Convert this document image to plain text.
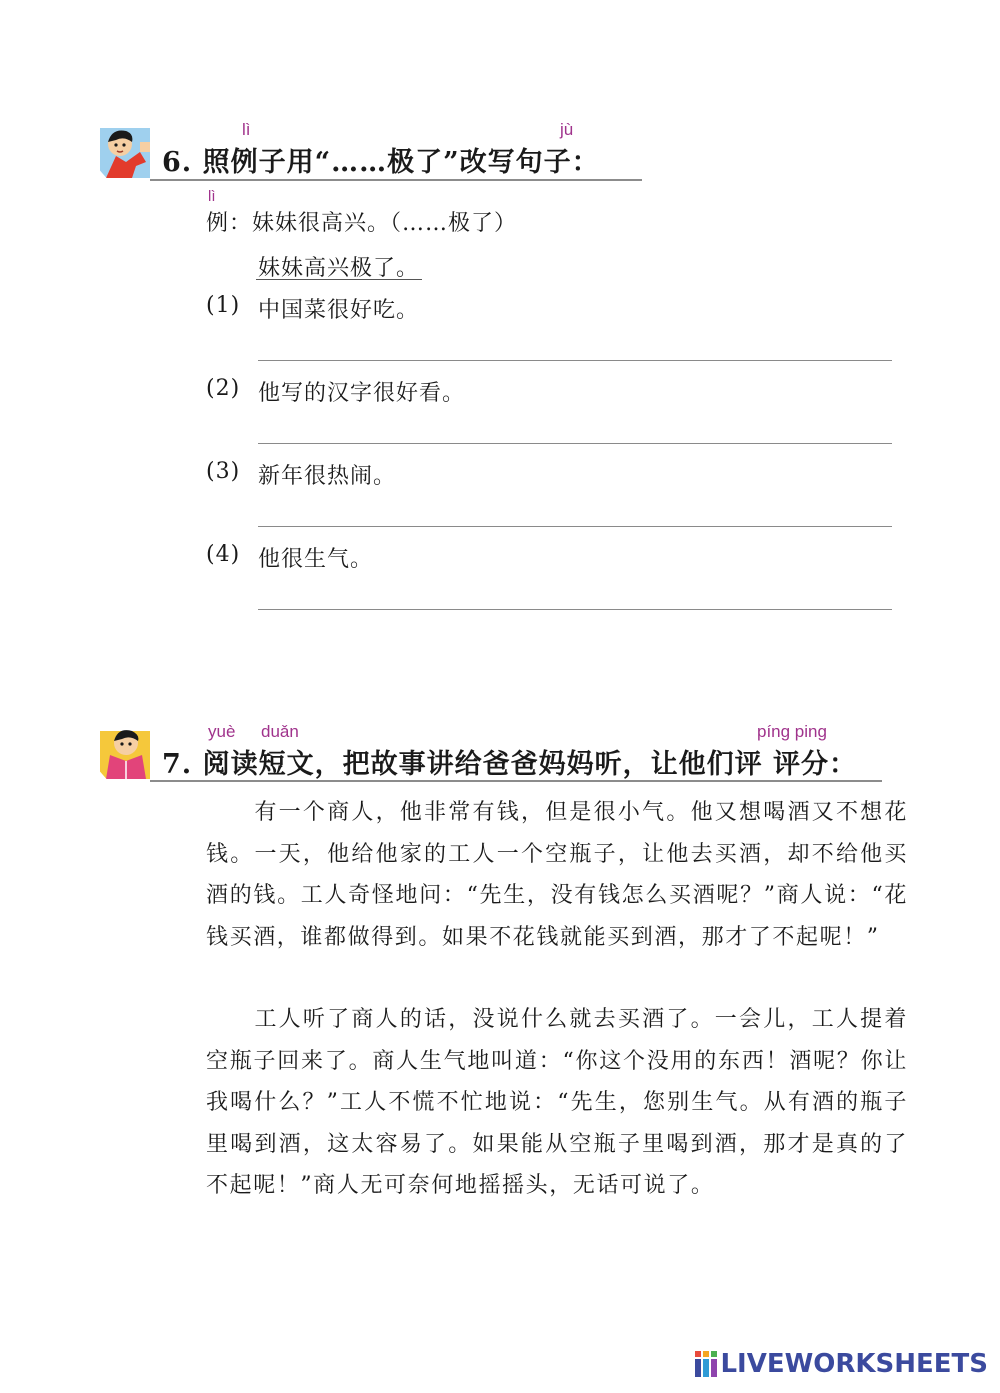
lì	jù
6. 照例子用“……极了”改写句子：
lì
例：妹妹很高兴。（……极了）
妹妹高兴极了。
(1) 中国菜很好吃。
(2) 他写的汉字很好看。
(3) 新年很热闹。
(4) 他很生气。
yuè duǎn	píng ping
7. 阅读短文，把故事讲给爸爸妈妈听，让他们评 评分：
　　有一个商人，他非常有钱，但是很小气。他又想喝酒又不想花钱。一天，他给他家的工人一个空瓶子，让他去买酒，却不给他买酒的钱。工人奇怪地问：“先生，没有钱怎么买酒呢？”商人说：“花钱买酒，谁都做得到。如果不花钱就能买到酒，那才了不起呢！”
　　工人听了商人的话，没说什么就去买酒了。一会儿，工人提着空瓶子回来了。商人生气地叫道：“你这个没用的东西！酒呢？你让我喝什么？”工人不慌不忙地说：“先生，您别生气。从有酒的瓶子里喝到酒，这太容易了。如果能从空瓶子里喝到酒，那才是真的了不起呢！”商人无可奈何地摇摇头，无话可说了。
LIVEWORKSHEETS
